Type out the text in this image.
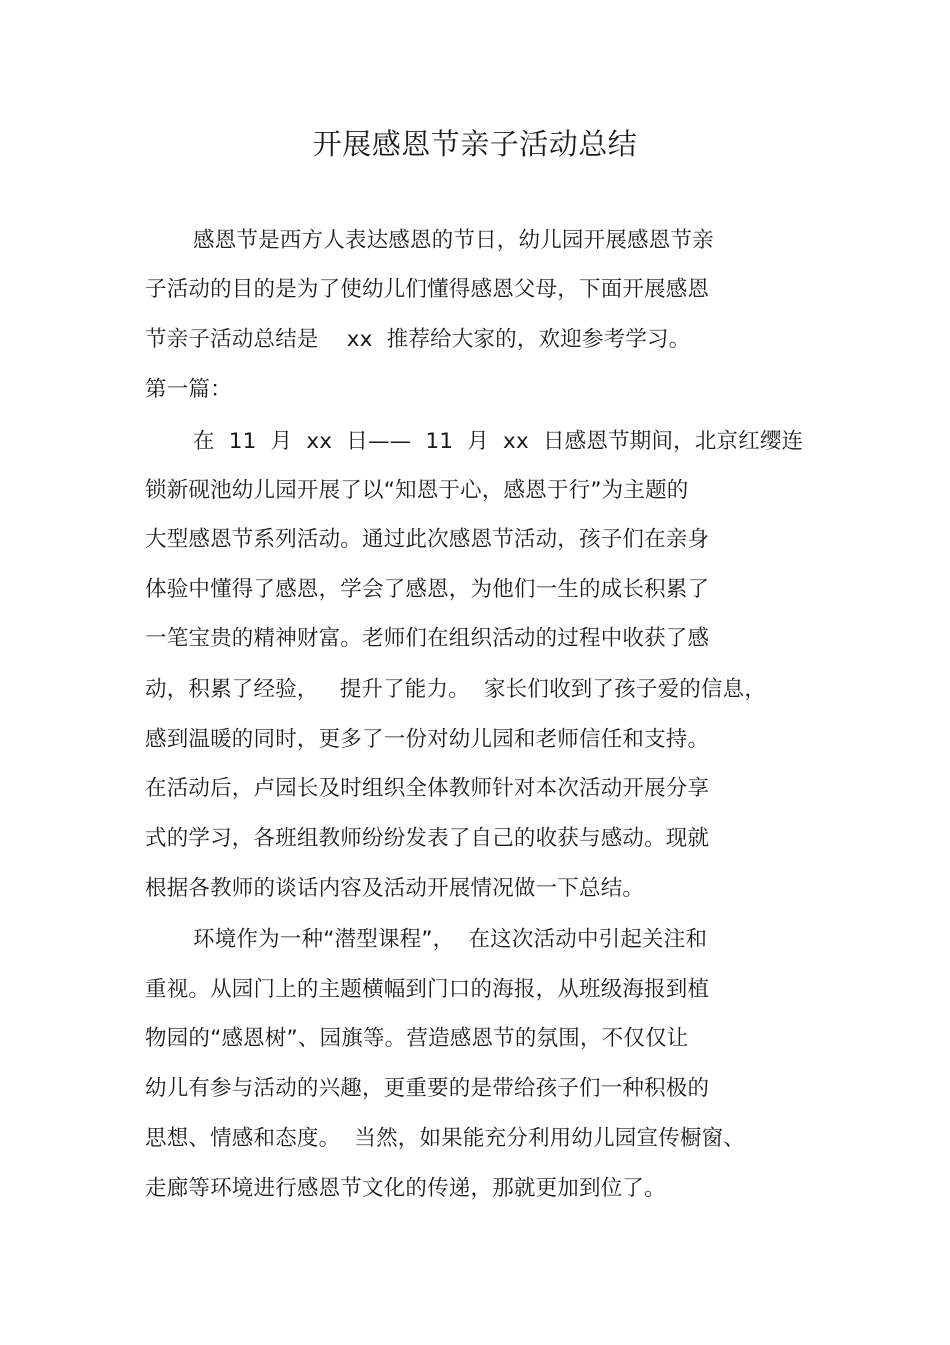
开展感恩节亲子活动总结
感恩节是西方人表达感恩的节日，幼儿园开展感恩节亲
子活动的目的是为了使幼儿们懂得感恩父母，下面开展感恩
节亲子活动总结是    xx  推荐给大家的，欢迎参考学习。
第一篇：
在  11  月  xx  日——  11  月  xx  日感恩节期间，北京红缨连
锁新砚池幼儿园开展了以“知恩于心，感恩于行”为主题的
大型感恩节系列活动。通过此次感恩节活动，孩子们在亲身
体验中懂得了感恩，学会了感恩，为他们一生的成长积累了
一笔宝贵的精神财富。老师们在组织活动的过程中收获了感
动，积累了经验，   提升了能力。  家长们收到了孩子爱的信息，
感到温暖的同时，更多了一份对幼儿园和老师信任和支持。
在活动后，卢园长及时组织全体教师针对本次活动开展分享
式的学习，各班组教师纷纷发表了自己的收获与感动。现就
根据各教师的谈话内容及活动开展情况做一下总结。
环境作为一种“潜型课程”，  在这次活动中引起关注和
重视。从园门上的主题横幅到门口的海报，从班级海报到植
物园的“感恩树”、园旗等。营造感恩节的氛围，不仅仅让
幼儿有参与活动的兴趣，更重要的是带给孩子们一种积极的
思想、情感和态度。  当然，如果能充分利用幼儿园宣传橱窗、
走廊等环境进行感恩节文化的传递，那就更加到位了。
